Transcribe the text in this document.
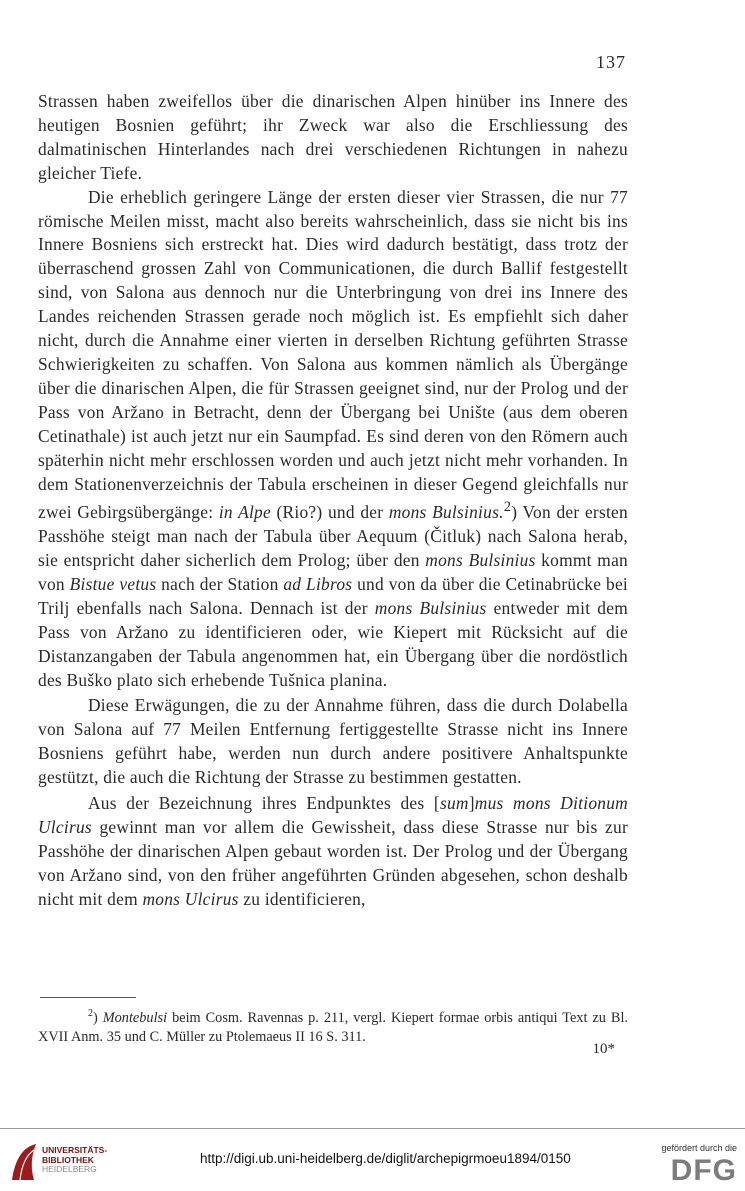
137

Strassen haben zweifellos über die dinarischen Alpen hinüber ins Innere des heutigen Bosnien geführt; ihr Zweck war also die Erschliessung des dalmatinischen Hinterlandes nach drei verschiedenen Richtungen in nahezu gleicher Tiefe.

Die erheblich geringere Länge der ersten dieser vier Strassen, die nur 77 römische Meilen misst, macht also bereits wahrscheinlich, dass sie nicht bis ins Innere Bosniens sich erstreckt hat. Dies wird dadurch bestätigt, dass trotz der überraschend grossen Zahl von Communicationen, die durch Ballif festgestellt sind, von Salona aus dennoch nur die Unterbringung von drei ins Innere des Landes reichenden Strassen gerade noch möglich ist. Es empfiehlt sich daher nicht, durch die Annahme einer vierten in derselben Richtung geführten Strasse Schwierigkeiten zu schaffen. Von Salona aus kommen nämlich als Übergänge über die dinarischen Alpen, die für Strassen geeignet sind, nur der Prolog und der Pass von Aržano in Betracht, denn der Übergang bei Unište (aus dem oberen Cetinathale) ist auch jetzt nur ein Saumpfad. Es sind deren von den Römern auch späterhin nicht mehr erschlossen worden und auch jetzt nicht mehr vorhanden. In dem Stationenverzeichnis der Tabula erscheinen in dieser Gegend gleichfalls nur zwei Gebirgsübergänge: in Alpe (Rio?) und der mons Bulsinius.$^2$) Von der ersten Passhöhe steigt man nach der Tabula über Aequum (Čitluk) nach Salona herab, sie entspricht daher sicherlich dem Prolog; über den mons Bulsinius kommt man von Bistue vetus nach der Station ad Libros und von da über die Cetinabrücke bei Trilj ebenfalls nach Salona. Dennach ist der mons Bulsinius entweder mit dem Pass von Aržano zu identificieren oder, wie Kiepert mit Rücksicht auf die Distanzangaben der Tabula angenommen hat, ein Übergang über die nordöstlich des Buško plato sich erhebende Tušnica planina.

Diese Erwägungen, die zu der Annahme führen, dass die durch Dolabella von Salona auf 77 Meilen Entfernung fertiggestellte Strasse nicht ins Innere Bosniens geführt habe, werden nun durch andere positivere Anhaltspunkte gestützt, die auch die Richtung der Strasse zu bestimmen gestatten.

Aus der Bezeichnung ihres Endpunktes des [sum]mus mons Ditionum Ulcirus gewinnt man vor allem die Gewissheit, dass diese Strasse nur bis zur Passhöhe der dinarischen Alpen gebaut worden ist. Der Prolog und der Übergang von Aržano sind, von den früher angeführten Gründen abgesehen, schon deshalb nicht mit dem mons Ulcirus zu identificieren,

$^2$) Montebulsi beim Cosm. Ravennas p. 211, vergl. Kiepert formae orbis antiqui Text zu Bl. XVII Anm. 35 und C. Müller zu Ptolemaeus II 16 S. 311.

10*
UNIVERSITÄTS-
BIBLIOTHEK
HEIDELBERG
http://digi.ub.uni-heidelberg.de/diglit/archepigrmoeu1894/0150
gefördert durch die
DFG
